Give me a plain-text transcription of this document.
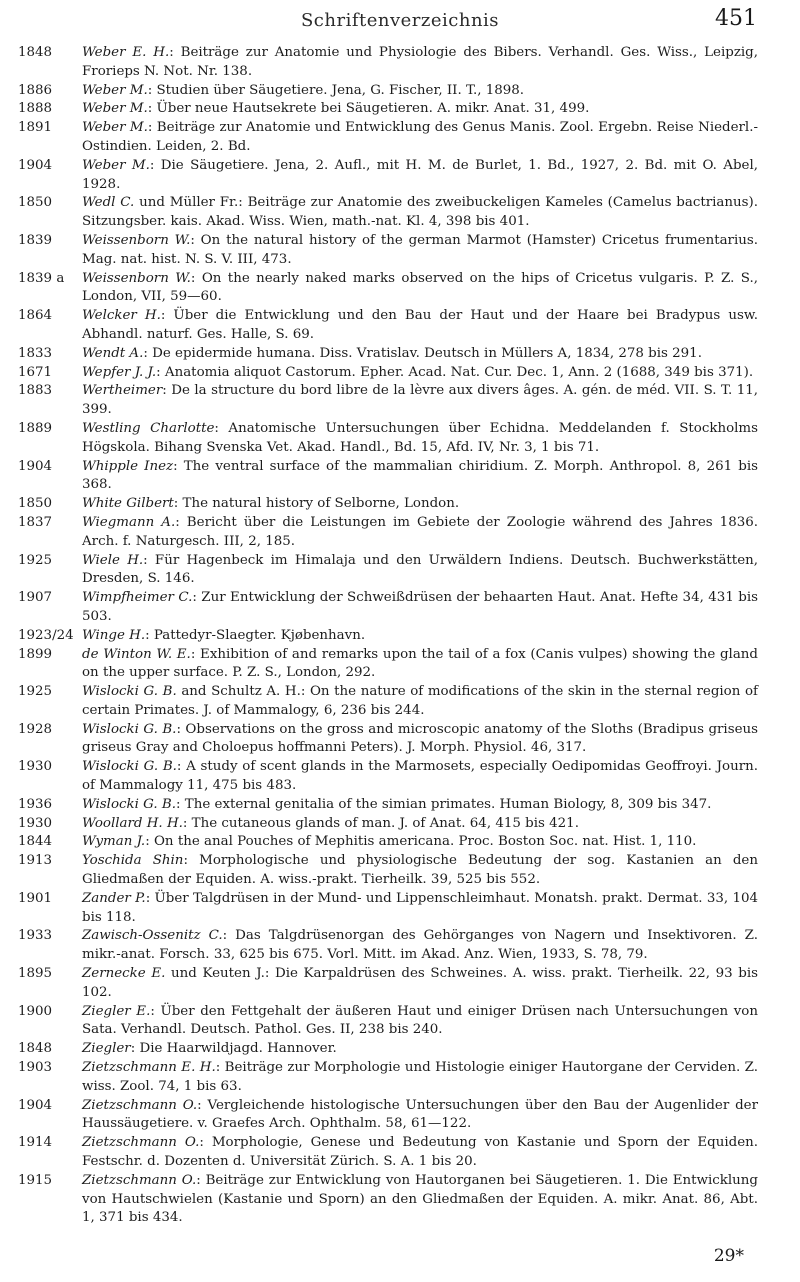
Schriftenverzeichnis	451
1848	Weber E. H.: Beiträge zur Anatomie und Physiologie des Bibers. Verhandl. Ges. Wiss., Leipzig, Frorieps N. Not. Nr. 138.
1886	Weber M.: Studien über Säugetiere. Jena, G. Fischer, II. T., 1898.
1888	Weber M.: Über neue Hautsekrete bei Säugetieren. A. mikr. Anat. 31, 499.
1891	Weber M.: Beiträge zur Anatomie und Entwicklung des Genus Manis. Zool. Ergebn. Reise Niederl.-Ostindien. Leiden, 2. Bd.
1904	Weber M.: Die Säugetiere. Jena, 2. Aufl., mit H. M. de Burlet, 1. Bd., 1927, 2. Bd. mit O. Abel, 1928.
1850	Wedl C. und Müller Fr.: Beiträge zur Anatomie des zweibuckeligen Kameles (Camelus bactrianus). Sitzungsber. kais. Akad. Wiss. Wien, math.-nat. Kl. 4, 398 bis 401.
1839	Weissenborn W.: On the natural history of the german Marmot (Hamster) Cricetus frumentarius. Mag. nat. hist. N. S. V. III, 473.
1839 a	Weissenborn W.: On the nearly naked marks observed on the hips of Cricetus vulgaris. P. Z. S., London, VII, 59—60.
1864	Welcker H.: Über die Entwicklung und den Bau der Haut und der Haare bei Bradypus usw. Abhandl. naturf. Ges. Halle, S. 69.
1833	Wendt A.: De epidermide humana. Diss. Vratislav. Deutsch in Müllers A, 1834, 278 bis 291.
1671	Wepfer J. J.: Anatomia aliquot Castorum. Epher. Acad. Nat. Cur. Dec. 1, Ann. 2 (1688, 349 bis 371).
1883	Wertheimer: De la structure du bord libre de la lèvre aux divers âges. A. gén. de méd. VII. S. T. 11, 399.
1889	Westling Charlotte: Anatomische Untersuchungen über Echidna. Meddelanden f. Stockholms Högskola. Bihang Svenska Vet. Akad. Handl., Bd. 15, Afd. IV, Nr. 3, 1 bis 71.
1904	Whipple Inez: The ventral surface of the mammalian chiridium. Z. Morph. Anthropol. 8, 261 bis 368.
1850	White Gilbert: The natural history of Selborne, London.
1837	Wiegmann A.: Bericht über die Leistungen im Gebiete der Zoologie während des Jahres 1836. Arch. f. Naturgesch. III, 2, 185.
1925	Wiele H.: Für Hagenbeck im Himalaja und den Urwäldern Indiens. Deutsch. Buchwerkstätten, Dresden, S. 146.
1907	Wimpfheimer C.: Zur Entwicklung der Schweißdrüsen der behaarten Haut. Anat. Hefte 34, 431 bis 503.
1923/24 Winge H.: Pattedyr-Slaegter. Kjøbenhavn.
1899	de Winton W. E.: Exhibition of and remarks upon the tail of a fox (Canis vulpes) showing the gland on the upper surface. P. Z. S., London, 292.
1925	Wislocki G. B. and Schultz A. H.: On the nature of modifications of the skin in the sternal region of certain Primates. J. of Mammalogy, 6, 236 bis 244.
1928	Wislocki G. B.: Observations on the gross and microscopic anatomy of the Sloths (Bradipus griseus griseus Gray and Choloepus hoffmanni Peters). J. Morph. Physiol. 46, 317.
1930	Wislocki G. B.: A study of scent glands in the Marmosets, especially Oedipomidas Geoffroyi. Journ. of Mammalogy 11, 475 bis 483.
1936	Wislocki G. B.: The external genitalia of the simian primates. Human Biology, 8, 309 bis 347.
1930	Woollard H. H.: The cutaneous glands of man. J. of Anat. 64, 415 bis 421.
1844	Wyman J.: On the anal Pouches of Mephitis americana. Proc. Boston Soc. nat. Hist. 1, 110.
1913	Yoschida Shin: Morphologische und physiologische Bedeutung der sog. Kastanien an den Gliedmaßen der Equiden. A. wiss.-prakt. Tierheilk. 39, 525 bis 552.
1901	Zander P.: Über Talgdrüsen in der Mund- und Lippenschleimhaut. Monatsh. prakt. Dermat. 33, 104 bis 118.
1933	Zawisch-Ossenitz C.: Das Talgdrüsenorgan des Gehörganges von Nagern und Insektivoren. Z. mikr.-anat. Forsch. 33, 625 bis 675. Vorl. Mitt. im Akad. Anz. Wien, 1933, S. 78, 79.
1895	Zernecke E. und Keuten J.: Die Karpaldrüsen des Schweines. A. wiss. prakt. Tierheilk. 22, 93 bis 102.
1900	Ziegler E.: Über den Fettgehalt der äußeren Haut und einiger Drüsen nach Untersuchungen von Sata. Verhandl. Deutsch. Pathol. Ges. II, 238 bis 240.
1848	Ziegler: Die Haarwildjagd. Hannover.
1903	Zietzschmann E. H.: Beiträge zur Morphologie und Histologie einiger Hautorgane der Cerviden. Z. wiss. Zool. 74, 1 bis 63.
1904	Zietzschmann O.: Vergleichende histologische Untersuchungen über den Bau der Augenlider der Haussäugetiere. v. Graefes Arch. Ophthalm. 58, 61—122.
1914	Zietzschmann O.: Morphologie, Genese und Bedeutung von Kastanie und Sporn der Equiden. Festschr. d. Dozenten d. Universität Zürich. S. A. 1 bis 20.
1915	Zietzschmann O.: Beiträge zur Entwicklung von Hautorganen bei Säugetieren. 1. Die Entwicklung von Hautschwielen (Kastanie und Sporn) an den Gliedmaßen der Equiden. A. mikr. Anat. 86, Abt. 1, 371 bis 434.
29*
